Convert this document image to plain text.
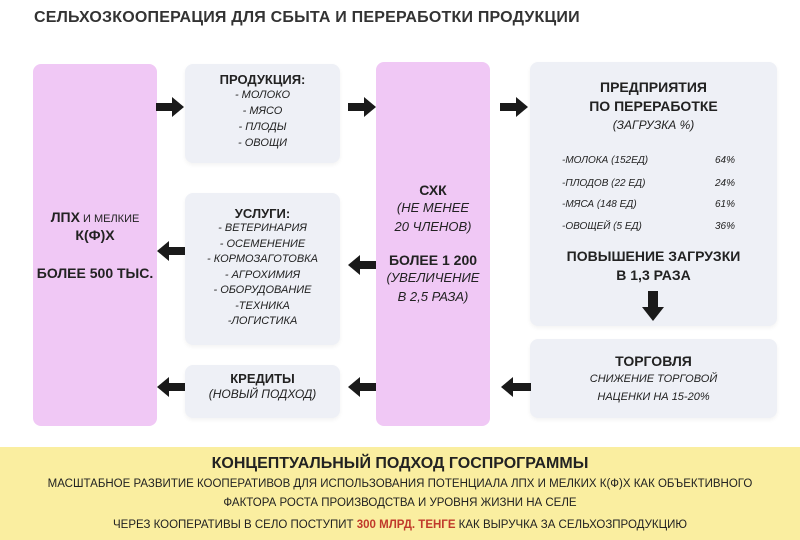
СЕЛЬХОЗКООПЕРАЦИЯ ДЛЯ СБЫТА И ПЕРЕРАБОТКИ ПРОДУКЦИИ
ЛПХ И МЕЛКИЕ
К(Ф)Х
БОЛЕЕ 500 ТЫС.
ПРОДУКЦИЯ:
- МОЛОКО
- МЯСО
- ПЛОДЫ
- ОВОЩИ
УСЛУГИ:
- ВЕТЕРИНАРИЯ
- ОСЕМЕНЕНИЕ
- КОРМОЗАГОТОВКА
- АГРОХИМИЯ
- ОБОРУДОВАНИЕ
-ТЕХНИКА
-ЛОГИСТИКА
КРЕДИТЫ
(НОВЫЙ ПОДХОД)
СХК
(НЕ МЕНЕЕ
20 ЧЛЕНОВ)
БОЛЕЕ 1 200
(УВЕЛИЧЕНИЕ
В 2,5 РАЗА)
ПРЕДПРИЯТИЯ
ПО ПЕРЕРАБОТКЕ
(ЗАГРУЗКА %)
-МОЛОКА (152ЕД)	64%
-ПЛОДОВ (22 ЕД)	24%
-МЯСА (148 ЕД)	61%
-ОВОЩЕЙ (5 ЕД)	36%
ПОВЫШЕНИЕ ЗАГРУЗКИ
В 1,3 РАЗА
ТОРГОВЛЯ
СНИЖЕНИЕ ТОРГОВОЙ
НАЦЕНКИ НА 15-20%
КОНЦЕПТУАЛЬНЫЙ ПОДХОД ГОСПРОГРАММЫ
МАСШТАБНОЕ РАЗВИТИЕ КООПЕРАТИВОВ ДЛЯ ИСПОЛЬЗОВАНИЯ ПОТЕНЦИАЛА ЛПХ И МЕЛКИХ К(Ф)Х КАК ОБЪЕКТИВНОГО
ФАКТОРА РОСТА ПРОИЗВОДСТВА И УРОВНЯ ЖИЗНИ НА СЕЛЕ
ЧЕРЕЗ КООПЕРАТИВЫ В СЕЛО ПОСТУПИТ 300 МЛРД. ТЕНГЕ КАК ВЫРУЧКА ЗА СЕЛЬХОЗПРОДУКЦИЮ
